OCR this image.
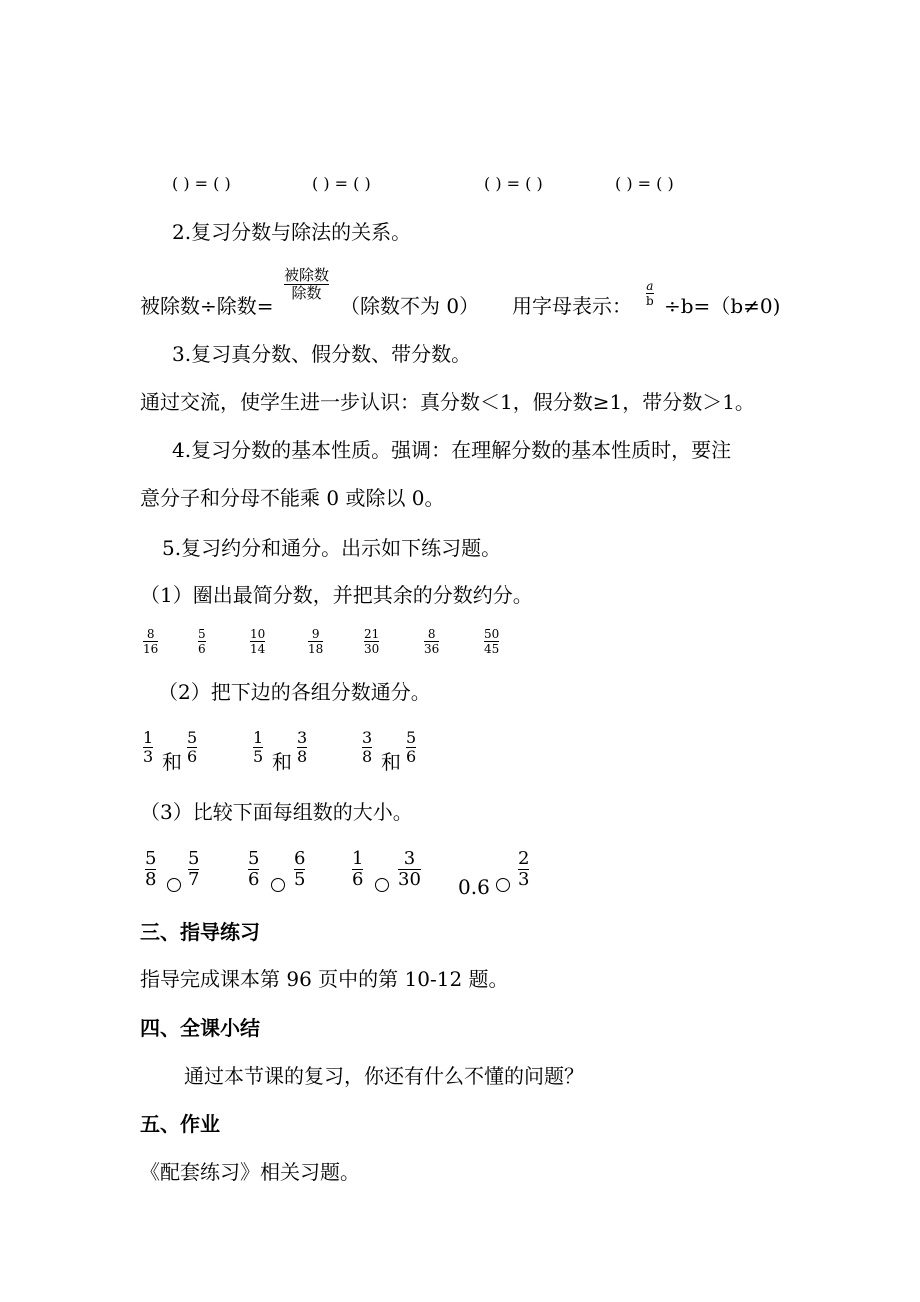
( ) = ( )	( ) = ( )	( ) = ( )	( ) = ( )
2.复习分数与除法的关系。
被除数÷除数=
被除数
除数
（除数不为 0） 用字母表示：
a
b ÷b=（b≠0)
3.复习真分数、假分数、带分数。
通过交流，使学生进一步认识：真分数＜1，假分数≥1，带分数＞1。
4.复习分数的基本性质。强调：在理解分数的基本性质时，要注
意分子和分母不能乘 0 或除以 0。
5.复习约分和通分。出示如下练习题。
（1）圈出最简分数，并把其余的分数约分。
（2）把下边的各组分数通分。
（3）比较下面每组数的大小。
0.6
三、指导练习
指导完成课本第 96 页中的第 10-12 题。
四、全课小结
通过本节课的复习，你还有什么不懂的问题？
五、作业
《配套练习》相关习题。
8
16
5
6
10
14
9
18
21
30
8
36
50
45
1
3
5
6
和
1
5
3
8
和
3
8
5
6
和
5
8
5
7
5
6
6
5
1
6
3
30
2
3
